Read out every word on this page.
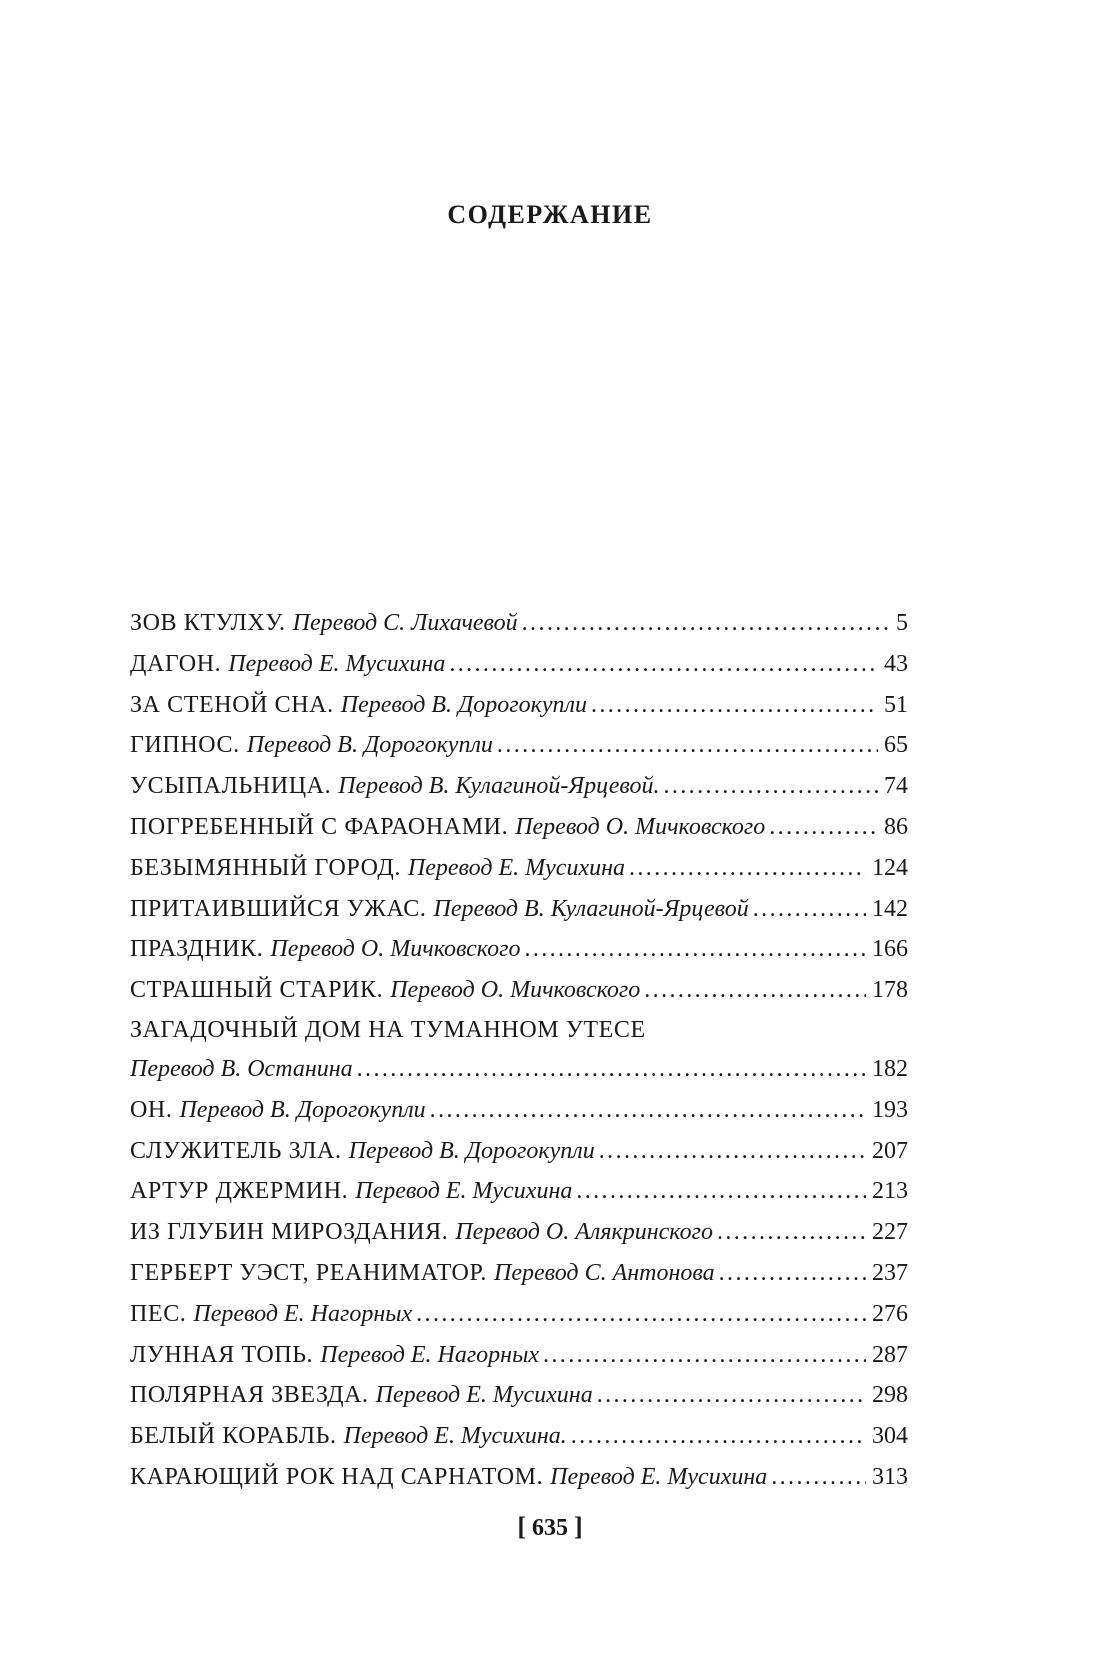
СОДЕРЖАНИЕ
ЗОВ КТУЛХУ. Перевод С. Лихачевой .....	5
ДАГОН. Перевод Е. Мусихина .....	43
ЗА СТЕНОЙ СНА. Перевод В. Дорогокупли .....	51
ГИПНОС. Перевод В. Дорогокупли .....	65
УСЫПАЛЬНИЦА. Перевод В. Кулагиной-Ярцевой. .....	74
ПОГРЕБЕННЫЙ С ФАРАОНАМИ. Перевод О. Мичковского .....	86
БЕЗЫМЯННЫЙ ГОРОД. Перевод Е. Мусихина .....	124
ПРИТАИВШИЙСЯ УЖАС. Перевод В. Кулагиной-Ярцевой .....	142
ПРАЗДНИК. Перевод О. Мичковского .....	166
СТРАШНЫЙ СТАРИК. Перевод О. Мичковского .....	178
ЗАГАДОЧНЫЙ ДОМ НА ТУМАННОМ УТЕСЕ
Перевод В. Останина .....	182
ОН. Перевод В. Дорогокупли .....	193
СЛУЖИТЕЛЬ ЗЛА. Перевод В. Дорогокупли .....	207
АРТУР ДЖЕРМИН. Перевод Е. Мусихина .....	213
ИЗ ГЛУБИН МИРОЗДАНИЯ. Перевод О. Алякринского .....	227
ГЕРБЕРТ УЭСТ, РЕАНИМАТОР. Перевод С. Антонова .....	237
ПЕС. Перевод Е. Нагорных .....	276
ЛУННАЯ ТОПЬ. Перевод Е. Нагорных .....	287
ПОЛЯРНАЯ ЗВЕЗДА. Перевод Е. Мусихина .....	298
БЕЛЫЙ КОРАБЛЬ. Перевод Е. Мусихина. .....	304
КАРАЮЩИЙ РОК НАД САРНАТОМ. Перевод Е. Мусихина .....	313
[ 635 ]
